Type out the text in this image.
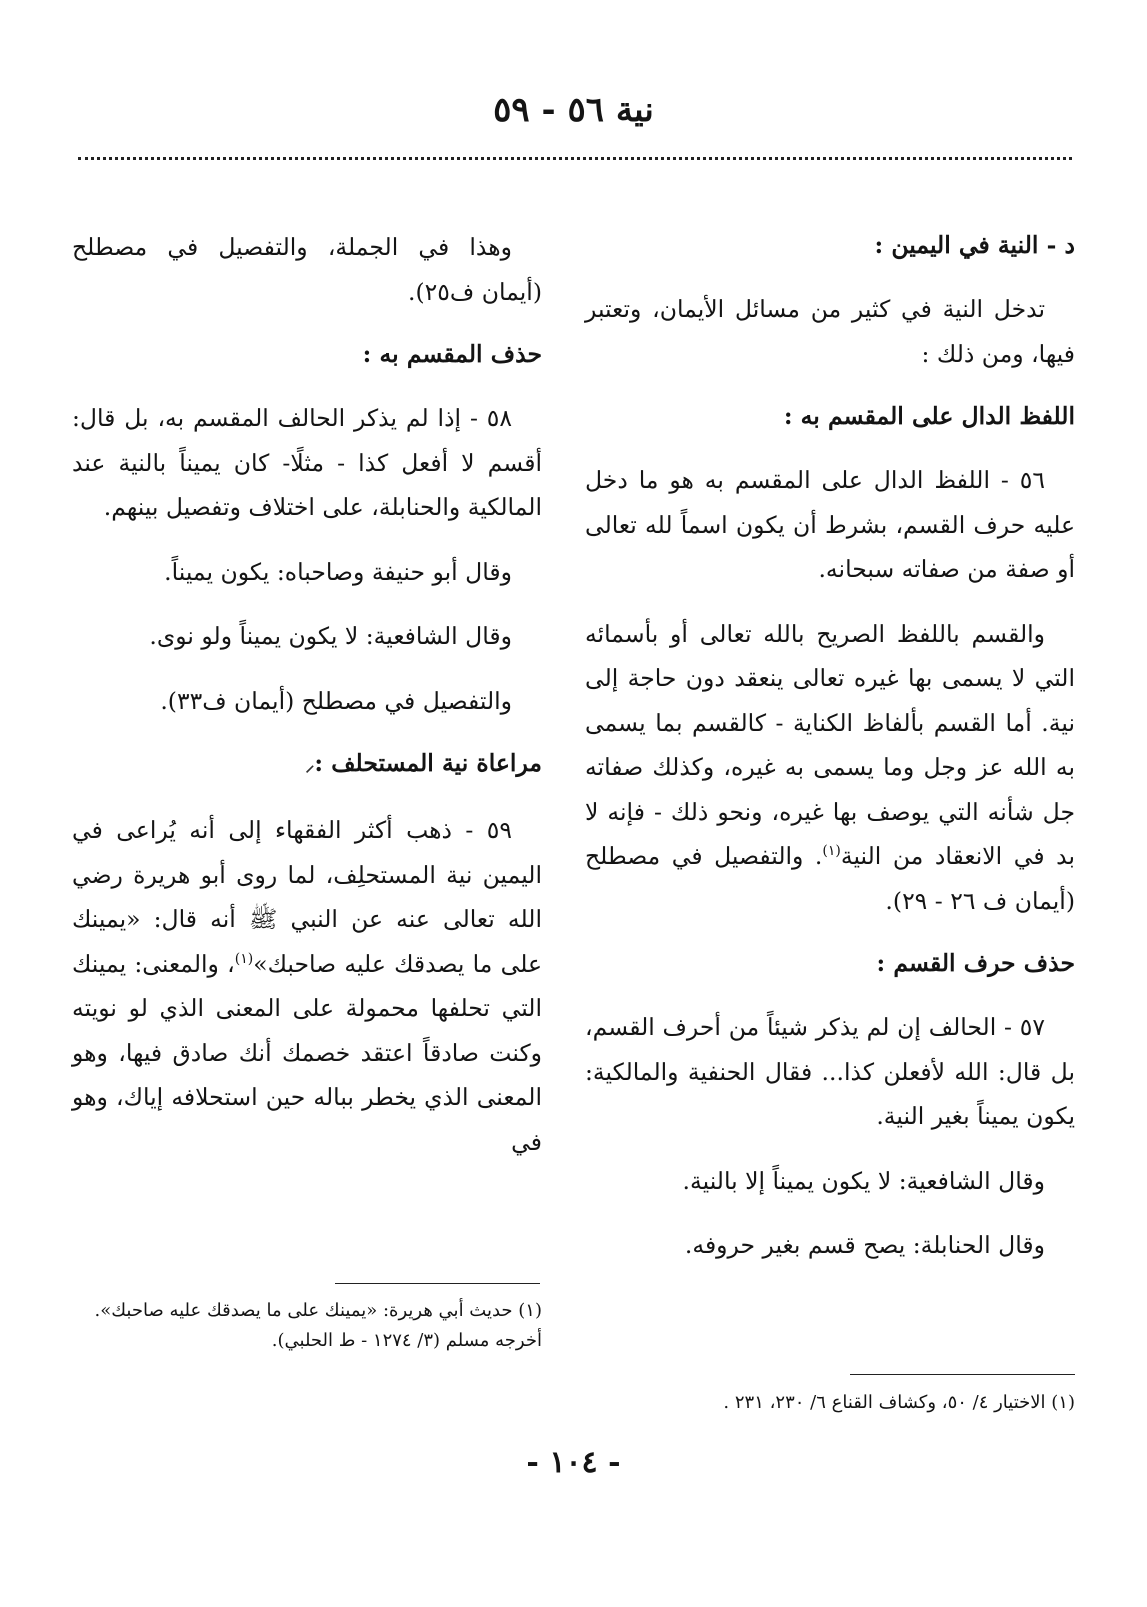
نية ٥٦ - ٥٩
د - النية في اليمين :

تدخل النية في كثير من مسائل الأيمان، وتعتبر فيها، ومن ذلك :

اللفظ الدال على المقسم به :

٥٦ - اللفظ الدال على المقسم به هو ما دخل عليه حرف القسم، بشرط أن يكون اسماً لله تعالى أو صفة من صفاته سبحانه.

والقسم باللفظ الصريح بالله تعالى أو بأسمائه التي لا يسمى بها غيره تعالى ينعقد دون حاجة إلى نية. أما القسم بألفاظ الكناية - كالقسم بما يسمى به الله عز وجل وما يسمى به غيره، وكذلك صفاته جل شأنه التي يوصف بها غيره، ونحو ذلك - فإنه لا بد في الانعقاد من النية$^{(١)}$. والتفصيل في مصطلح (أيمان ف ٢٦ - ٢٩).

حذف حرف القسم :

٥٧ - الحالف إن لم يذكر شيئاً من أحرف القسم، بل قال: الله لأفعلن كذا... فقال الحنفية والمالكية: يكون يميناً بغير النية.

وقال الشافعية: لا يكون يميناً إلا بالنية.

وقال الحنابلة: يصح قسم بغير حروفه.

وهذا في الجملة، والتفصيل في مصطلح (أيمان ف٢٥).

حذف المقسم به :

٥٨ - إذا لم يذكر الحالف المقسم به، بل قال: أقسم لا أفعل كذا - مثلًا- كان يميناً بالنية عند المالكية والحنابلة، على اختلاف وتفصيل بينهم.

وقال أبو حنيفة وصاحباه: يكون يميناً.

وقال الشافعية: لا يكون يميناً ولو نوى.

والتفصيل في مصطلح (أيمان ف٣٣).

مراعاة نية المستحلف :⸜

٥٩ - ذهب أكثر الفقهاء إلى أنه يُراعى في اليمين نية المستحلِف، لما روى أبو هريرة رضي الله تعالى عنه عن النبي ﷺ أنه قال: «يمينك على ما يصدقك عليه صاحبك»$^{(١)}$، والمعنى: يمينك التي تحلفها محمولة على المعنى الذي لو نويته وكنت صادقاً اعتقد خصمك أنك صادق فيها، وهو المعنى الذي يخطر بباله حين استحلافه إياك، وهو في

(١) حديث أبي هريرة: «يمينك على ما يصدقك عليه صاحبك».
أخرجه مسلم (٣/ ١٢٧٤ - ط الحلبي).
(١) الاختيار ٤/ ٥٠، وكشاف القناع ٦/ ٢٣٠، ٢٣١ .
- ١٠٤ -
